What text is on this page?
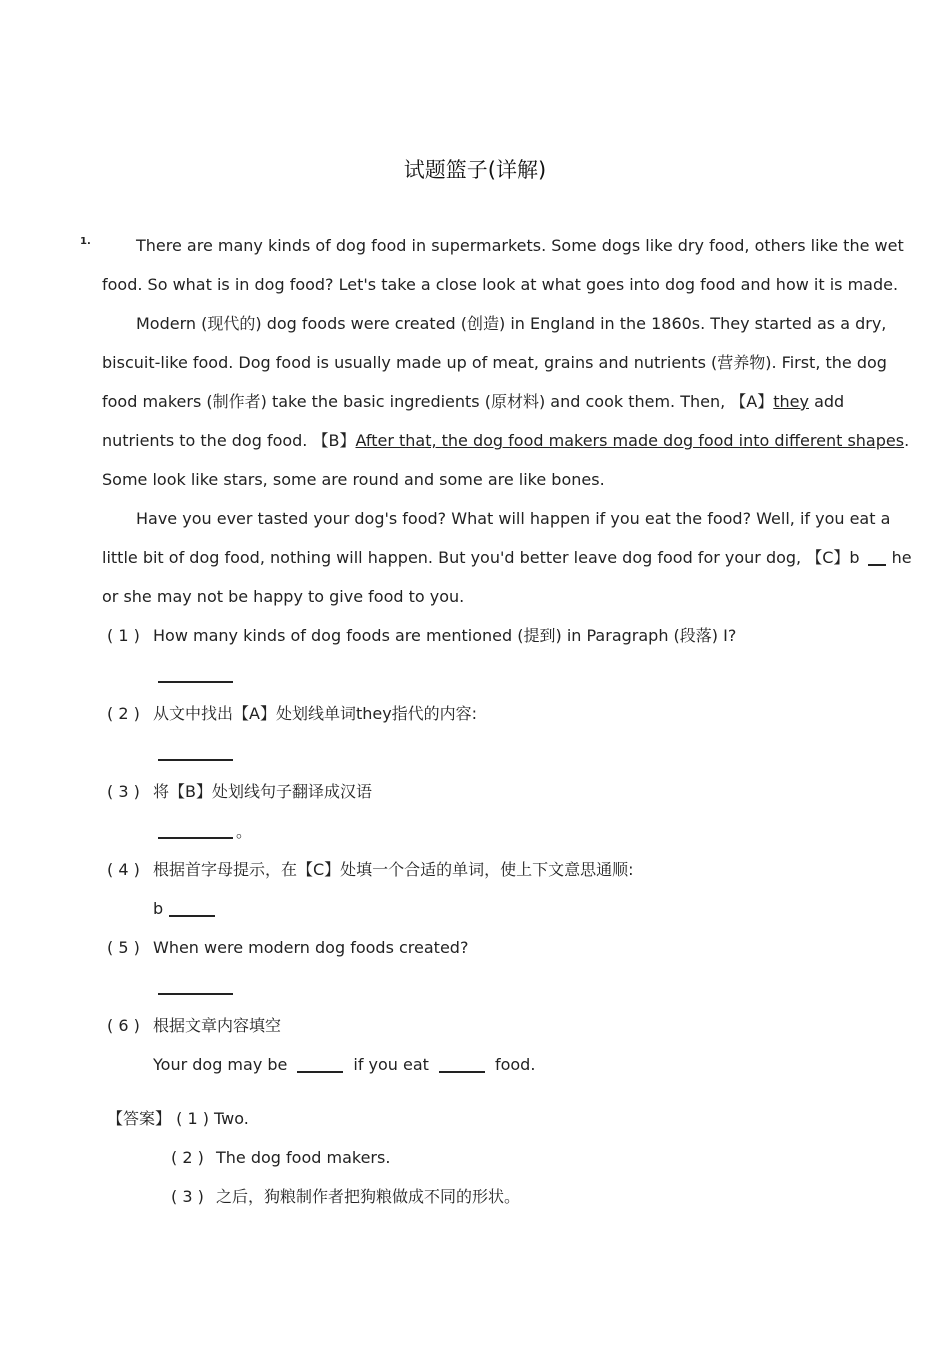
试题篮子(详解)
1.	There are many kinds of dog food in supermarkets. Some dogs like dry food, others like the wet
food. So what is in dog food? Let's take a close look at what goes into dog food and how it is made.
Modern (现代的) dog foods were created (创造) in England in the 1860s. They started as a dry,
biscuit-like food. Dog food is usually made up of meat, grains and nutrients (营养物). First, the dog
food makers (制作者) take the basic ingredients (原材料) and cook them. Then, 【A】they add
nutrients to the dog food. 【B】After that, the dog food makers made dog food into different shapes.
Some look like stars, some are round and some are like bones.
Have you ever tasted your dog's food? What will happen if you eat the food? Well, if you eat a
little bit of dog food, nothing will happen. But you'd better leave dog food for your dog, 【C】b he
or she may not be happy to give food to you.
( 1 ) How many kinds of dog foods are mentioned (提到) in Paragraph (段落) I?
( 2 ) 从文中找出【A】处划线单词they指代的内容:
( 3 ) 将【B】处划线句子翻译成汉语
。
( 4 ) 根据首字母提示，在【C】处填一个合适的单词，使上下文意思通顺:
b
( 5 ) When were modern dog foods created?
( 6 ) 根据文章内容填空
Your dog may be	if you eat	food.
【答案】 ( 1 ) Two.
( 2 ) The dog food makers.
( 3 ) 之后，狗粮制作者把狗粮做成不同的形状。
